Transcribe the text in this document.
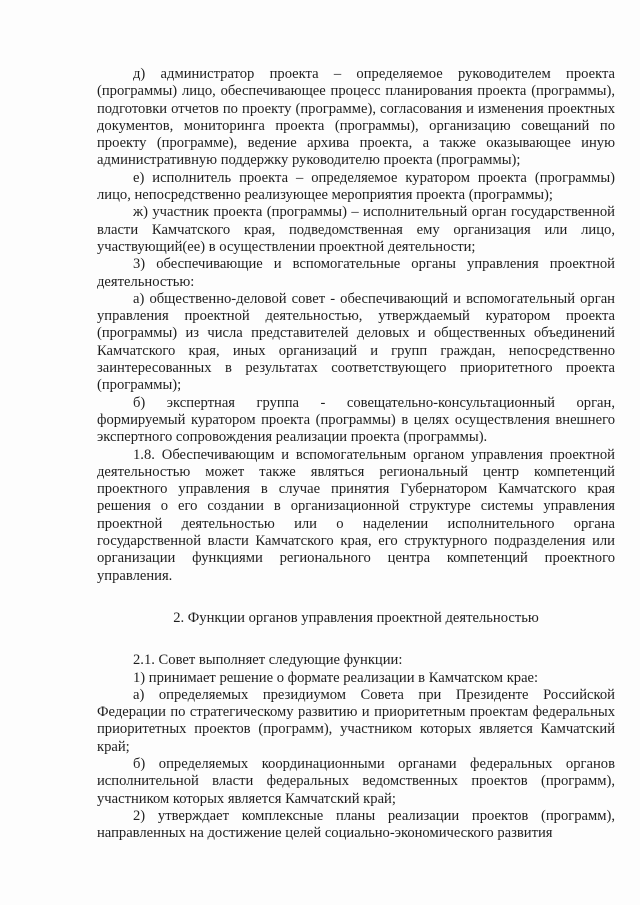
д) администратор проекта – определяемое руководителем проекта (программы) лицо, обеспечивающее процесс планирования проекта (программы), подготовки отчетов по проекту (программе), согласования и изменения проектных документов, мониторинга проекта (программы), организацию совещаний по проекту (программе), ведение архива проекта, а также оказывающее иную административную поддержку руководителю проекта (программы);

е) исполнитель проекта – определяемое куратором проекта (программы) лицо, непосредственно реализующее мероприятия проекта (программы);

ж) участник проекта (программы) – исполнительный орган государственной власти Камчатского края, подведомственная ему организация или лицо, участвующий(ее) в осуществлении проектной деятельности;

3) обеспечивающие и вспомогательные органы управления проектной деятельностью:

а) общественно-деловой совет - обеспечивающий и вспомогательный орган управления проектной деятельностью, утверждаемый куратором проекта (программы) из числа представителей деловых и общественных объединений Камчатского края, иных организаций и групп граждан, непосредственно заинтересованных в результатах соответствующего приоритетного проекта (программы);

б) экспертная группа - совещательно-консультационный орган, формируемый куратором проекта (программы) в целях осуществления внешнего экспертного сопровождения реализации проекта (программы).

1.8. Обеспечивающим и вспомогательным органом управления проектной деятельностью может также являться региональный центр компетенций проектного управления в случае принятия Губернатором Камчатского края решения о его создании в организационной структуре системы управления проектной деятельностью или о наделении исполнительного органа государственной власти Камчатского края, его структурного подразделения или организации функциями регионального центра компетенций проектного управления.

2. Функции органов управления проектной деятельностью

2.1. Совет выполняет следующие функции:

1) принимает решение о формате реализации в Камчатском крае:

а) определяемых президиумом Совета при Президенте Российской Федерации по стратегическому развитию и приоритетным проектам федеральных приоритетных проектов (программ), участником которых является Камчатский край;

б) определяемых координационными органами федеральных органов исполнительной власти федеральных ведомственных проектов (программ), участником которых является Камчатский край;

2) утверждает комплексные планы реализации проектов (программ), направленных на достижение целей социально-экономического развития
